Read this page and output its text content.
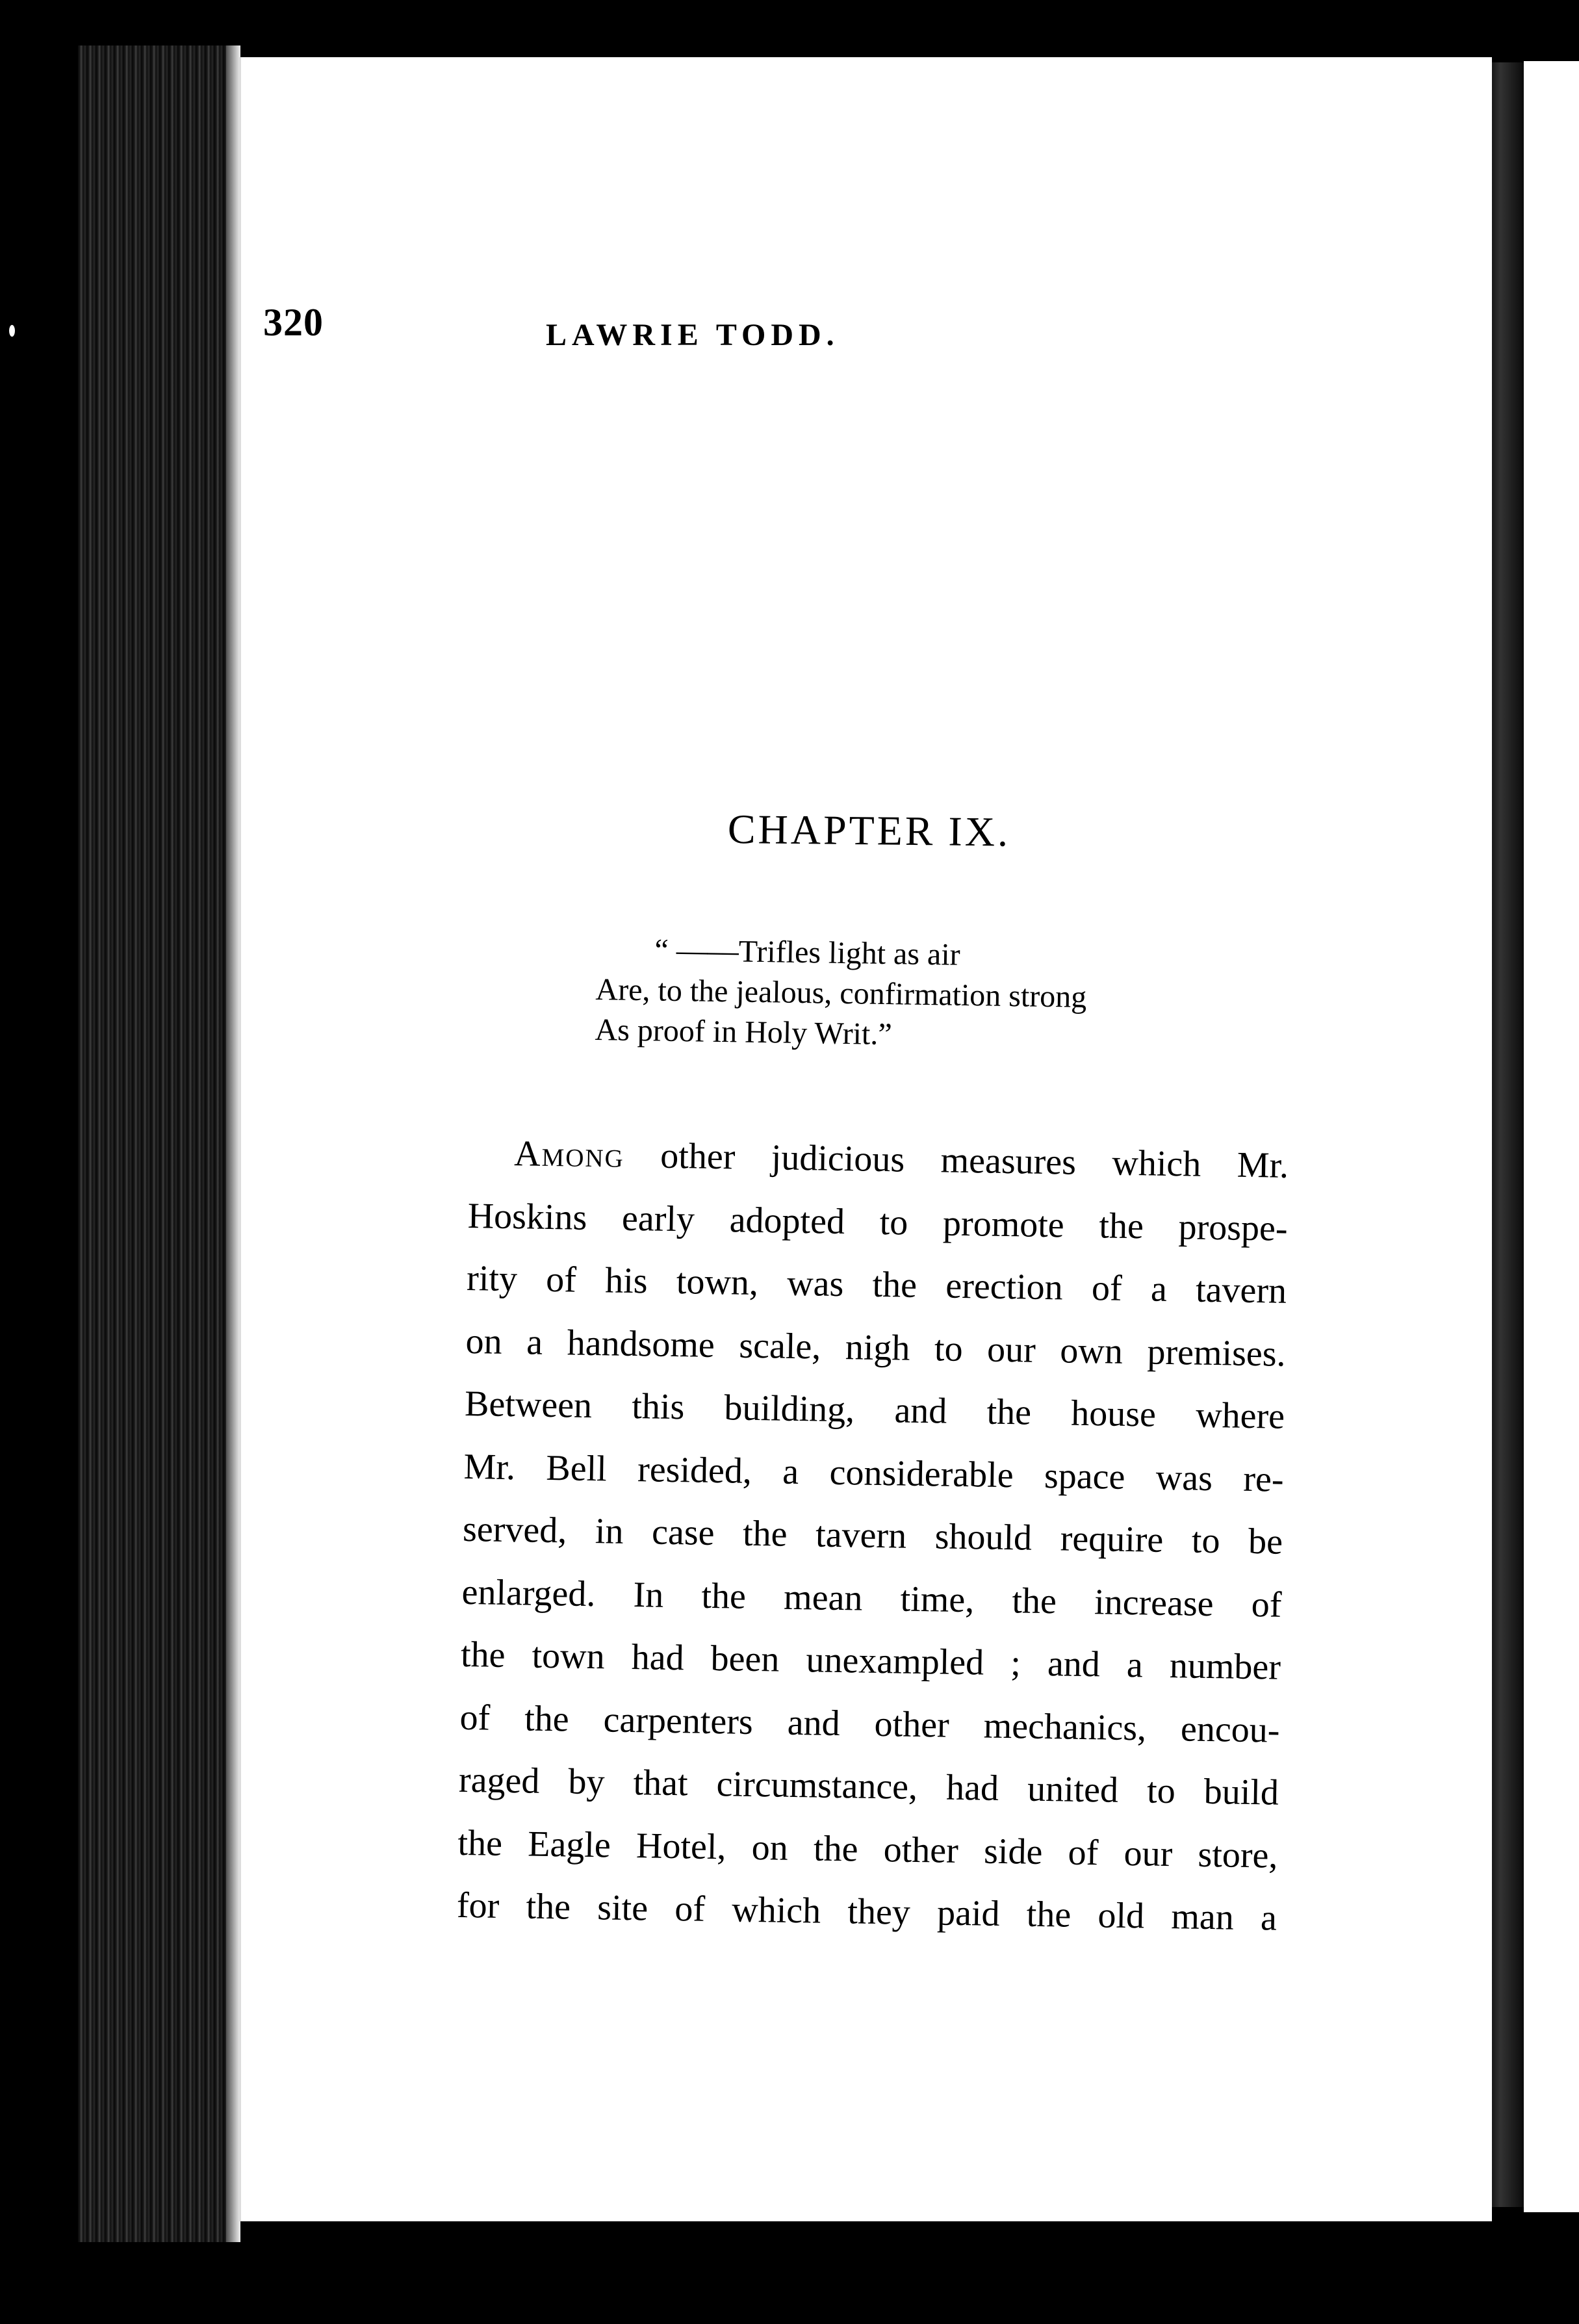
320	LAWRIE TODD.
CHAPTER IX.
“ ——Trifles light as air
Are, to the jealous, confirmation strong
As proof in Holy Writ.”
Among other judicious measures which Mr.
Hoskins early adopted to promote the prospe-
rity of his town, was the erection of a tavern
on a handsome scale, nigh to our own premises.
Between this building, and the house where
Mr. Bell resided, a considerable space was re-
served, in case the tavern should require to be
enlarged. In the mean time, the increase of
the town had been unexampled ; and a number
of the carpenters and other mechanics, encou-
raged by that circumstance, had united to build
the Eagle Hotel, on the other side of our store,
for the site of which they paid the old man a
